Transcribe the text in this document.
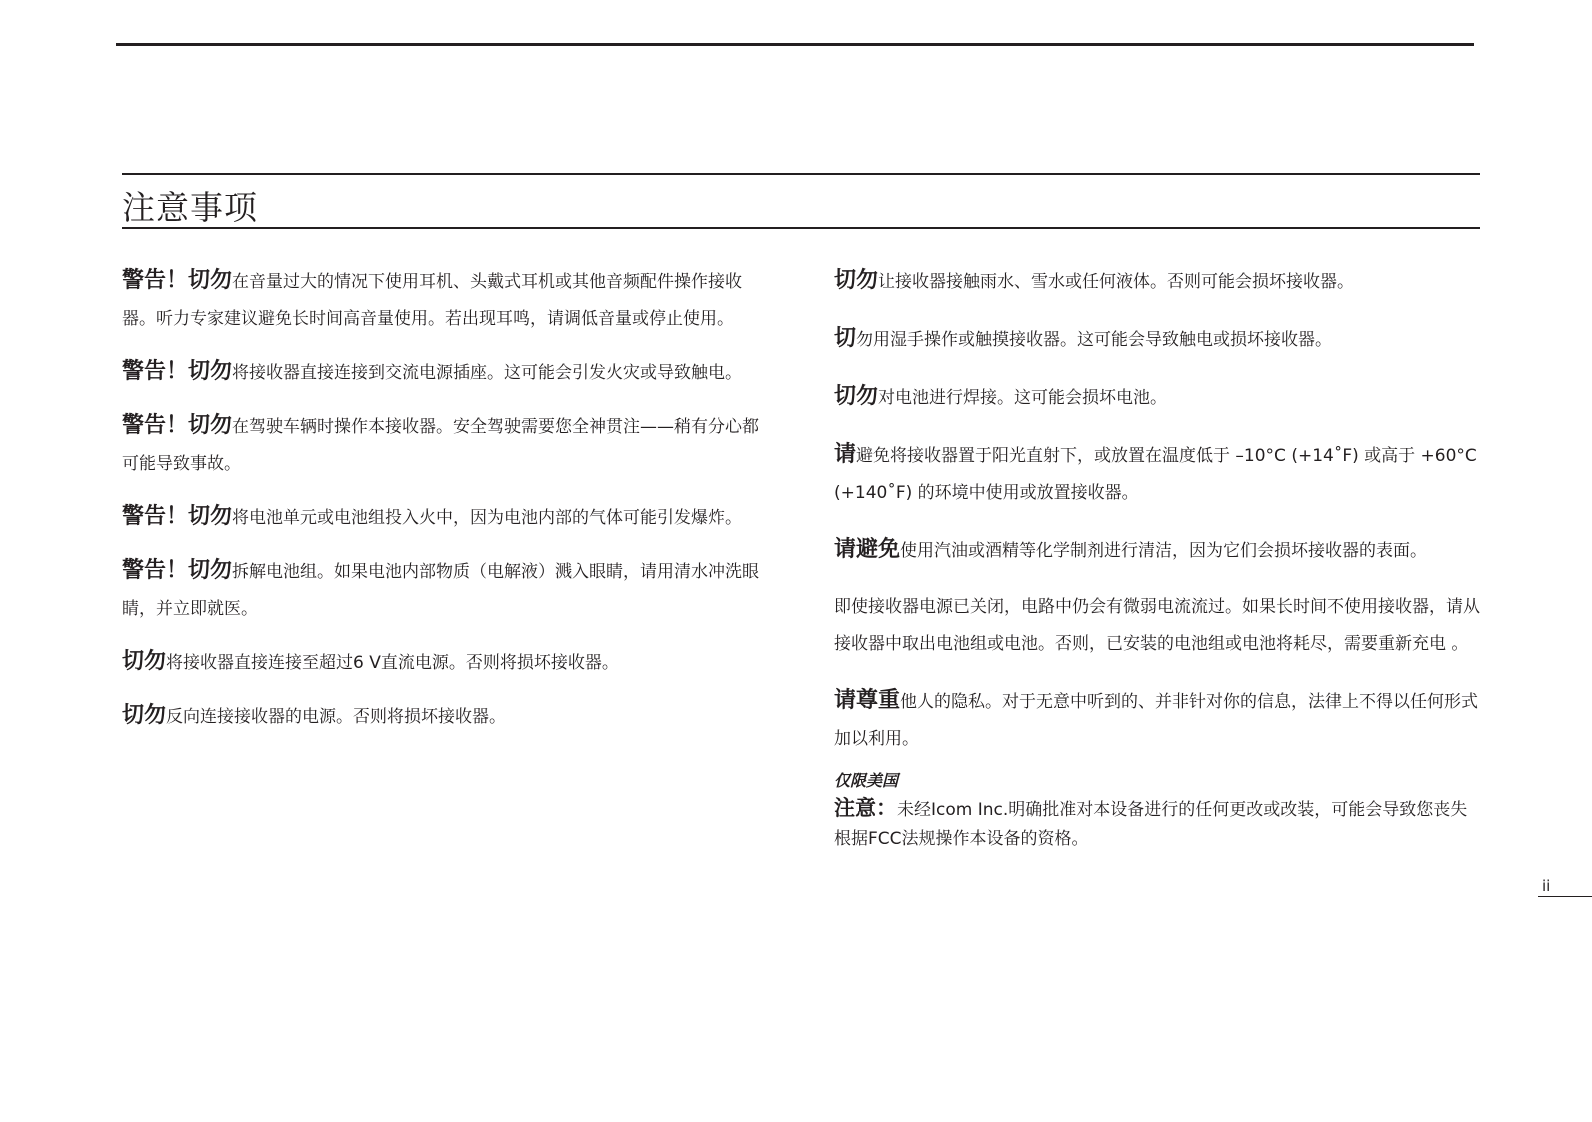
注意事项

警告！切勿在音量过大的情况下使用耳机、头戴式耳机或其他音频配件操作接收器。听力专家建议避免长时间高音量使用。若出现耳鸣，请调低音量或停止使用。

警告！切勿将接收器直接连接到交流电源插座。这可能会引发火灾或导致触电。

警告！切勿在驾驶车辆时操作本接收器。安全驾驶需要您全神贯注——稍有分心都可能导致事故。

警告！切勿将电池单元或电池组投入火中，因为电池内部的气体可能引发爆炸。

警告！切勿拆解电池组。如果电池内部物质（电解液）溅入眼睛，请用清水冲洗眼睛，并立即就医。

切勿将接收器直接连接至超过6 V直流电源。否则将损坏接收器。

切勿反向连接接收器的电源。否则将损坏接收器。

切勿让接收器接触雨水、雪水或任何液体。否则可能会损坏接收器。

切勿用湿手操作或触摸接收器。这可能会导致触电或损坏接收器。

切勿对电池进行焊接。这可能会损坏电池。

请避免将接收器置于阳光直射下，或放置在温度低于 –10°C (+14˚F) 或高于 +60°C (+140˚F) 的环境中使用或放置接收器。

请避免使用汽油或酒精等化学制剂进行清洁，因为它们会损坏接收器的表面。

即使接收器电源已关闭，电路中仍会有微弱电流流过。如果长时间不使用接收器，请从接收器中取出电池组或电池。否则，已安装的电池组或电池将耗尽，需要重新充电 。

请尊重他人的隐私。对于无意中听到的、并非针对你的信息，法律上不得以任何形式加以利用。

仅限美国

注意：未经Icom Inc.明确批准对本设备进行的任何更改或改装，可能会导致您丧失根据FCC法规操作本设备的资格。

ii
